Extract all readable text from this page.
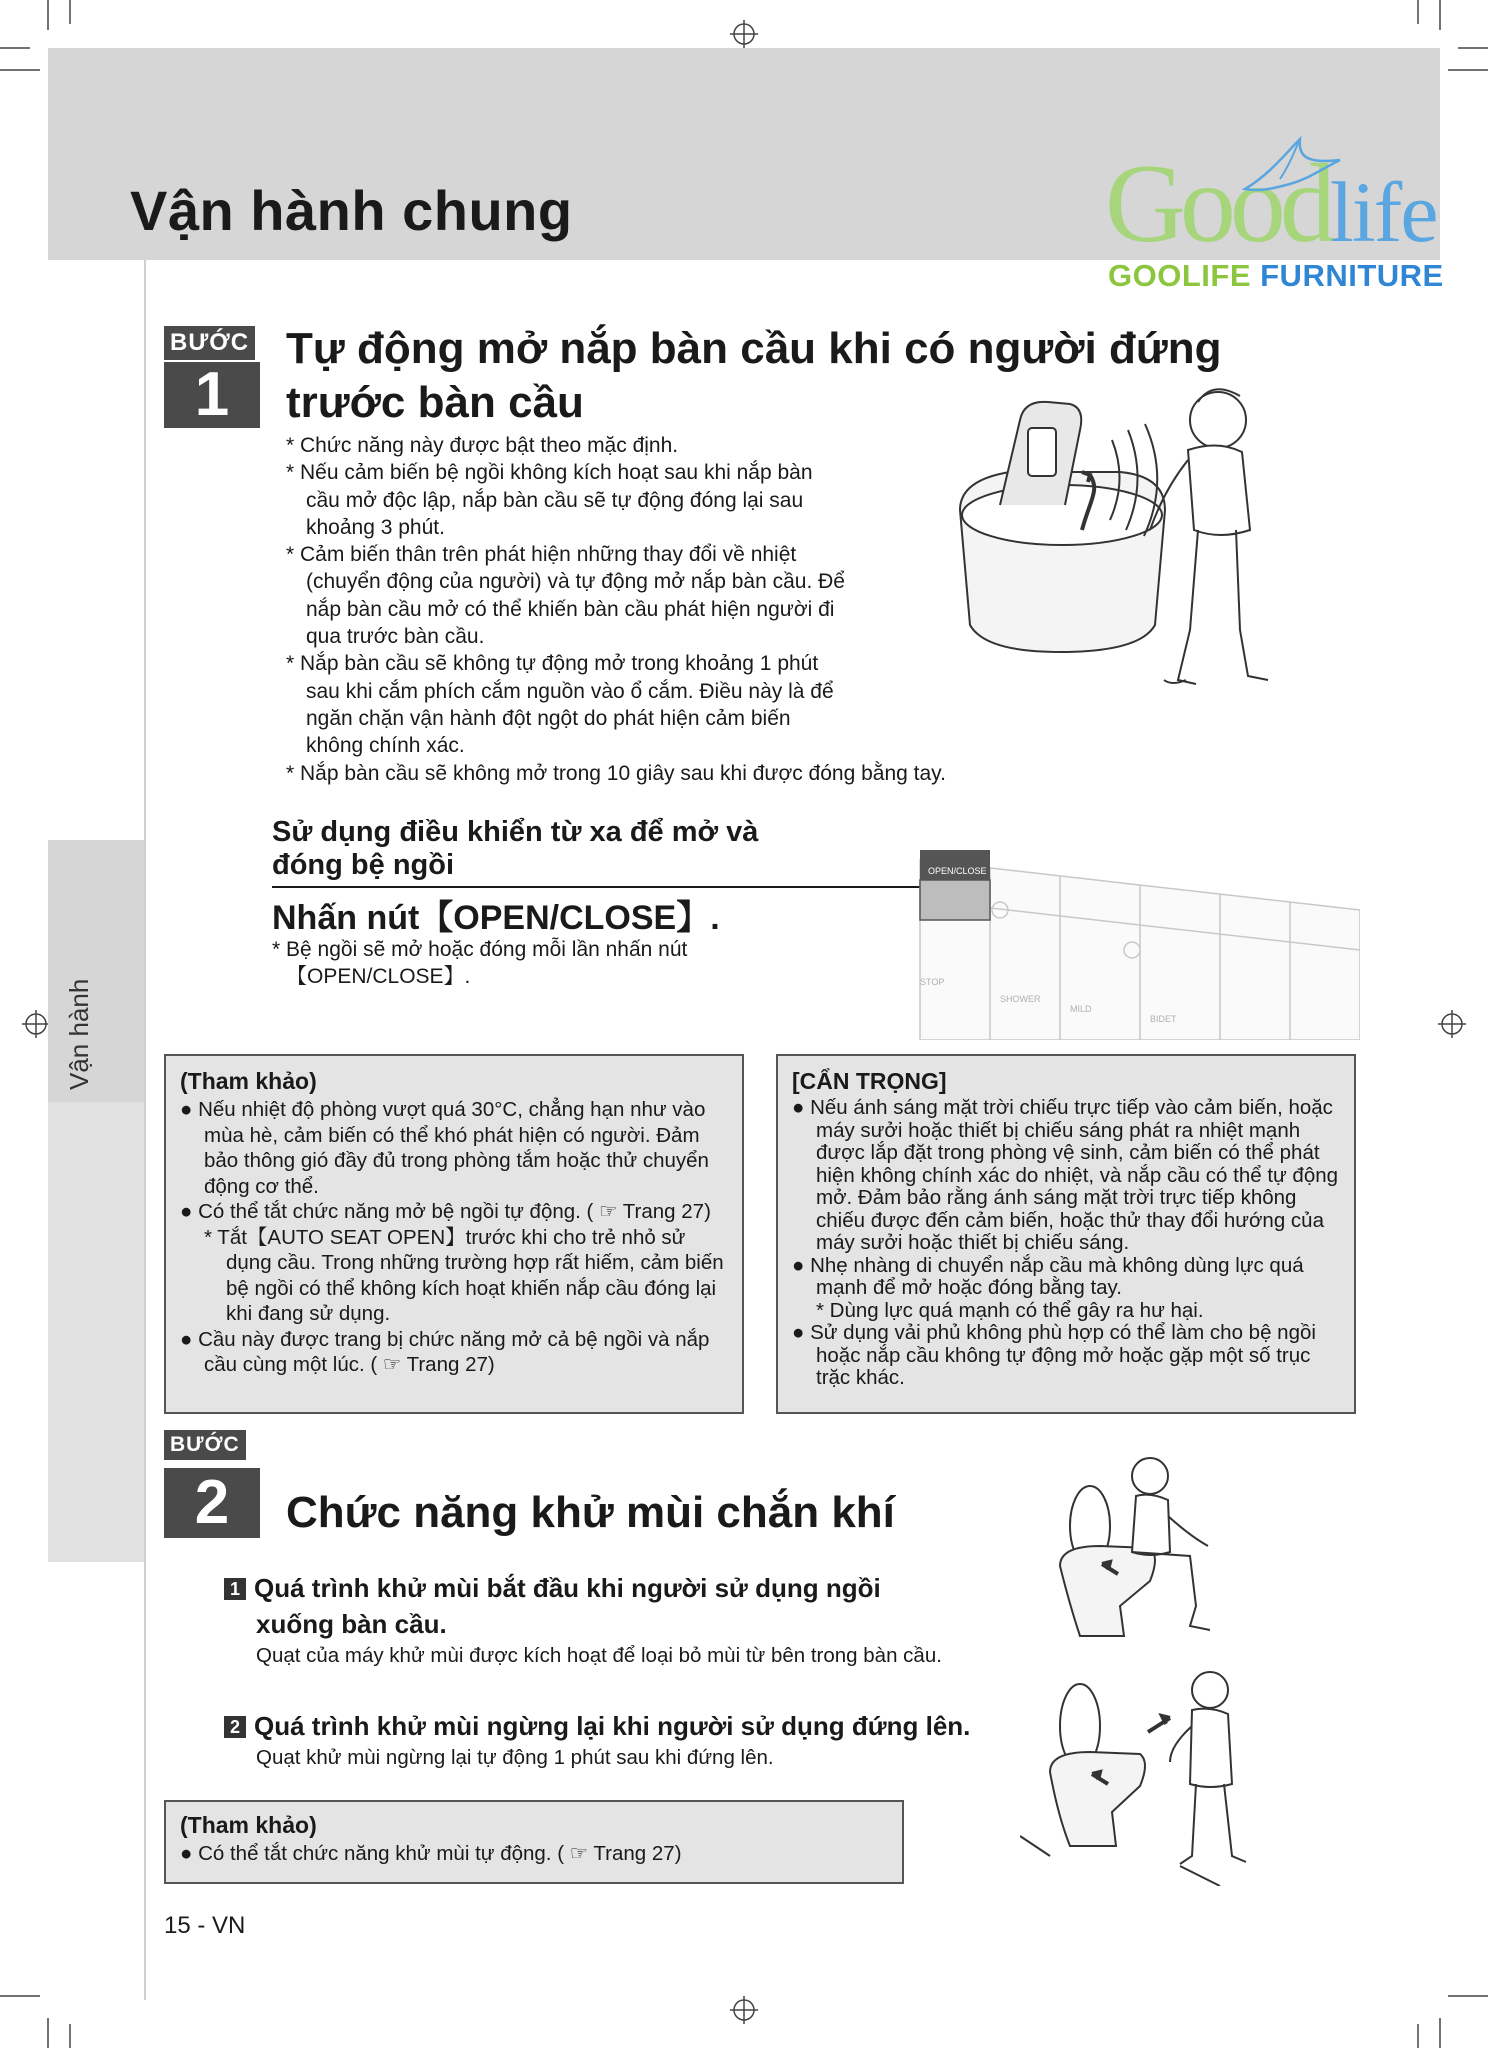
Vận hành chung	Goodlife
GOOLIFE FURNITURE
Vận hành
BƯỚC
1
Tự động mở nắp bàn cầu khi có người đứng
trước bàn cầu

* Chức năng này được bật theo mặc định.

* Nếu cảm biến bệ ngồi không kích hoạt sau khi nắp bàn cầu mở độc lập, nắp bàn cầu sẽ tự động đóng lại sau khoảng 3 phút.

* Cảm biến thân trên phát hiện những thay đổi về nhiệt (chuyển động của người) và tự động mở nắp bàn cầu. Để nắp bàn cầu mở có thể khiến bàn cầu phát hiện người đi qua trước bàn cầu.

* Nắp bàn cầu sẽ không tự động mở trong khoảng 1 phút sau khi cắm phích cắm nguồn vào ổ cắm. Điều này là để ngăn chặn vận hành đột ngột do phát hiện cảm biến không chính xác.

* Nắp bàn cầu sẽ không mở trong 10 giây sau khi được đóng bằng tay.

Sử dụng điều khiển từ xa để mở và
đóng bệ ngồi
Nhấn nút【OPEN/CLOSE】.
* Bệ ngồi sẽ mở hoặc đóng mỗi lần nhấn nút
【OPEN/CLOSE】.
OPEN/CLOSE
STOP
SHOWER
MILD
BIDET
(Tham khảo)

● Nếu nhiệt độ phòng vượt quá 30°C, chẳng hạn như vào mùa hè, cảm biến có thể khó phát hiện có người. Đảm bảo thông gió đầy đủ trong phòng tắm hoặc thử chuyển động cơ thể.

● Có thể tắt chức năng mở bệ ngồi tự động. ( ☞ Trang 27)

* Tắt【AUTO SEAT OPEN】trước khi cho trẻ nhỏ sử dụng cầu. Trong những trường hợp rất hiếm, cảm biến bệ ngồi có thể không kích hoạt khiến nắp cầu đóng lại khi đang sử dụng.

● Cầu này được trang bị chức năng mở cả bệ ngồi và nắp cầu cùng một lúc. ( ☞ Trang 27)

[CẨN TRỌNG]

● Nếu ánh sáng mặt trời chiếu trực tiếp vào cảm biến, hoặc máy sưởi hoặc thiết bị chiếu sáng phát ra nhiệt mạnh được lắp đặt trong phòng vệ sinh, cảm biến có thể phát hiện không chính xác do nhiệt, và nắp cầu có thể tự động mở. Đảm bảo rằng ánh sáng mặt trời trực tiếp không chiếu được đến cảm biến, hoặc thử thay đổi hướng của máy sưởi hoặc thiết bị chiếu sáng.

● Nhẹ nhàng di chuyển nắp cầu mà không dùng lực quá mạnh để mở hoặc đóng bằng tay.

* Dùng lực quá mạnh có thể gây ra hư hại.

● Sử dụng vải phủ không phù hợp có thể làm cho bệ ngồi hoặc nắp cầu không tự động mở hoặc gặp một số trục trặc khác.

BƯỚC
2	Chức năng khử mùi chắn khí
1 Quá trình khử mùi bắt đầu khi người sử dụng ngồi
xuống bàn cầu.
Quạt của máy khử mùi được kích hoạt để loại bỏ mùi từ bên trong bàn cầu.
2 Quá trình khử mùi ngừng lại khi người sử dụng đứng lên.
Quạt khử mùi ngừng lại tự động 1 phút sau khi đứng lên.
(Tham khảo)

● Có thể tắt chức năng khử mùi tự động. ( ☞ Trang 27)

15 - VN
